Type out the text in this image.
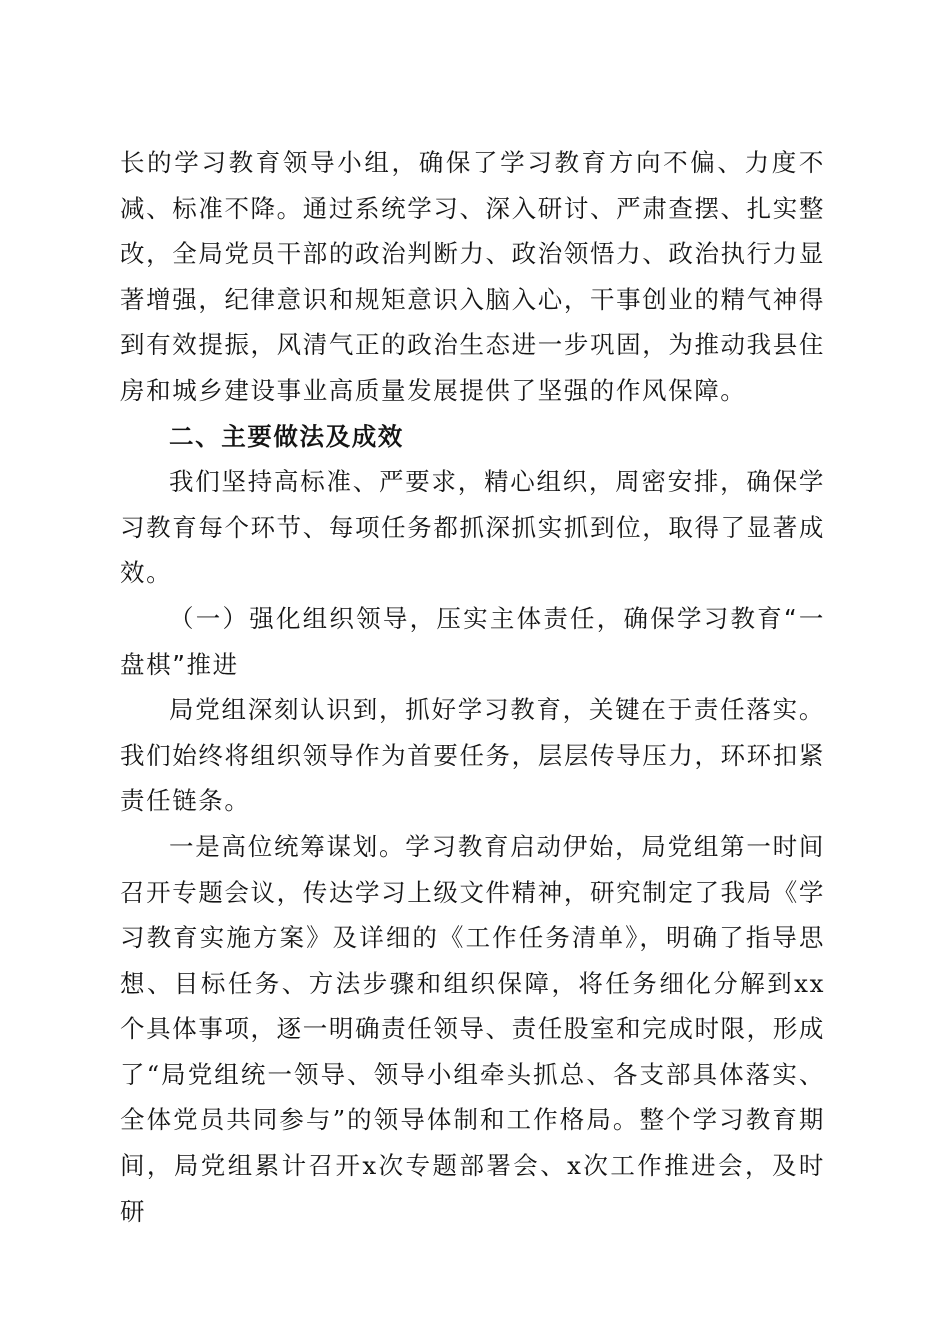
长的学习教育领导小组，确保了学习教育方向不偏、力度不减、标准不降。通过系统学习、深入研讨、严肃查摆、扎实整改，全局党员干部的政治判断力、政治领悟力、政治执行力显著增强，纪律意识和规矩意识入脑入心，干事创业的精气神得到有效提振，风清气正的政治生态进一步巩固，为推动我县住房和城乡建设事业高质量发展提供了坚强的作风保障。

二、主要做法及成效

我们坚持高标准、严要求，精心组织，周密安排，确保学习教育每个环节、每项任务都抓深抓实抓到位，取得了显著成效。

（一）强化组织领导，压实主体责任，确保学习教育“一盘棋”推进

局党组深刻认识到，抓好学习教育，关键在于责任落实。我们始终将组织领导作为首要任务，层层传导压力，环环扣紧责任链条。

一是高位统筹谋划。学习教育启动伊始，局党组第一时间召开专题会议，传达学习上级文件精神，研究制定了我局《学习教育实施方案》及详细的《工作任务清单》，明确了指导思想、目标任务、方法步骤和组织保障，将任务细化分解到xx个具体事项，逐一明确责任领导、责任股室和完成时限，形成了“局党组统一领导、领导小组牵头抓总、各支部具体落实、全体党员共同参与”的领导体制和工作格局。整个学习教育期间，局党组累计召开x次专题部署会、x次工作推进会，及时研
